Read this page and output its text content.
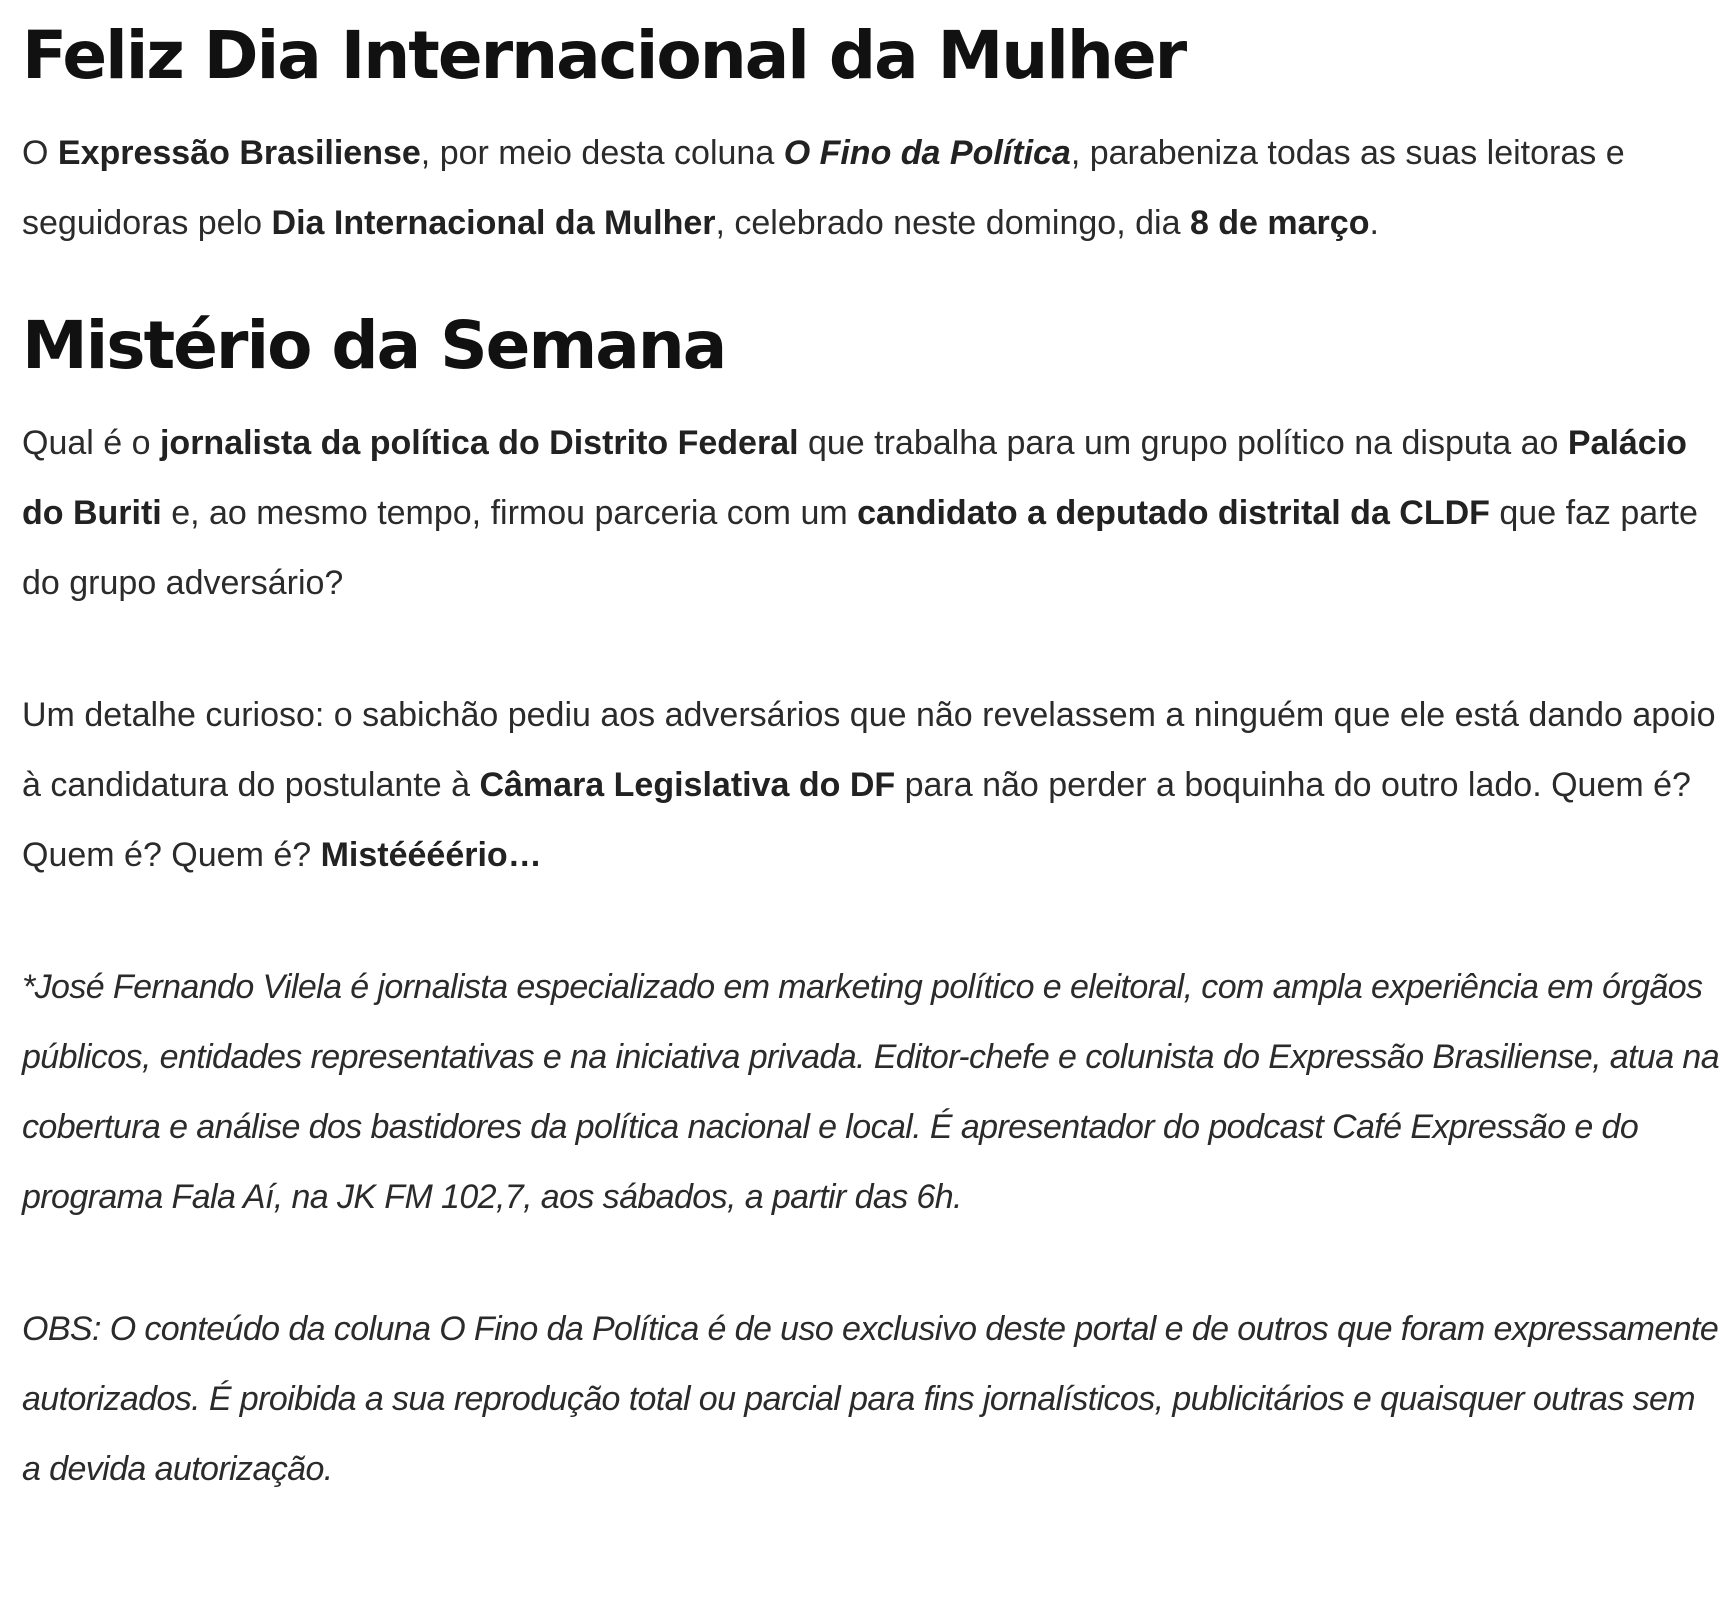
Feliz Dia Internacional da Mulher

O Expressão Brasiliense, por meio desta coluna O Fino da Política, parabeniza todas as suas leitoras e seguidoras pelo Dia Internacional da Mulher, celebrado neste domingo, dia 8 de março.

Mistério da Semana

Qual é o jornalista da política do Distrito Federal que trabalha para um grupo político na disputa ao Palácio do Buriti e, ao mesmo tempo, firmou parceria com um candidato a deputado distrital da CLDF que faz parte do grupo adversário?

Um detalhe curioso: o sabichão pediu aos adversários que não revelassem a ninguém que ele está dando apoio à candidatura do postulante à Câmara Legislativa do DF para não perder a boquinha do outro lado. Quem é? Quem é? Quem é? Mistéééério…

*José Fernando Vilela é jornalista especializado em marketing político e eleitoral, com ampla experiência em órgãos públicos, entidades representativas e na iniciativa privada. Editor-chefe e colunista do Expressão Brasiliense, atua na cobertura e análise dos bastidores da política nacional e local. É apresentador do podcast Café Expressão e do programa Fala Aí, na JK FM 102,7, aos sábados, a partir das 6h.

OBS: O conteúdo da coluna O Fino da Política é de uso exclusivo deste portal e de outros que foram expressamente autorizados. É proibida a sua reprodução total ou parcial para fins jornalísticos, publicitários e quaisquer outras sem a devida autorização.
